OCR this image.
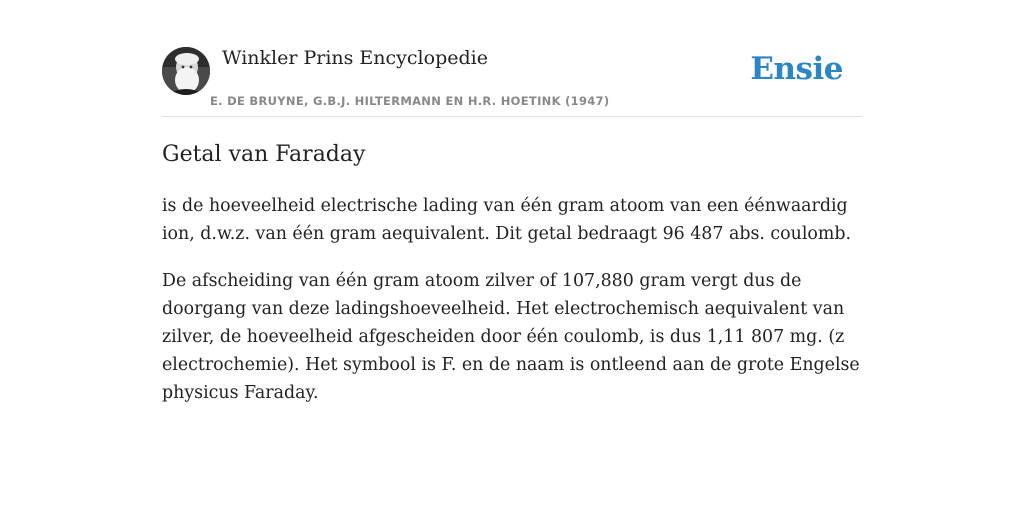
Winkler Prins Encyclopedie
E. DE BRUYNE, G.B.J. HILTERMANN EN H.R. HOETINK (1947)
Ensie
Getal van Faraday

is de hoeveelheid electrische lading van één gram atoom van een éénwaardig ion, d.w.z. van één gram aequivalent. Dit getal bedraagt 96 487 abs. coulomb.

De afscheiding van één gram atoom zilver of 107,880 gram vergt dus de doorgang van deze ladingshoeveelheid. Het electrochemisch aequivalent van zilver, de hoeveelheid afgescheiden door één coulomb, is dus 1,11 807 mg. (z electrochemie). Het symbool is F. en de naam is ontleend aan de grote Engelse physicus Faraday.
